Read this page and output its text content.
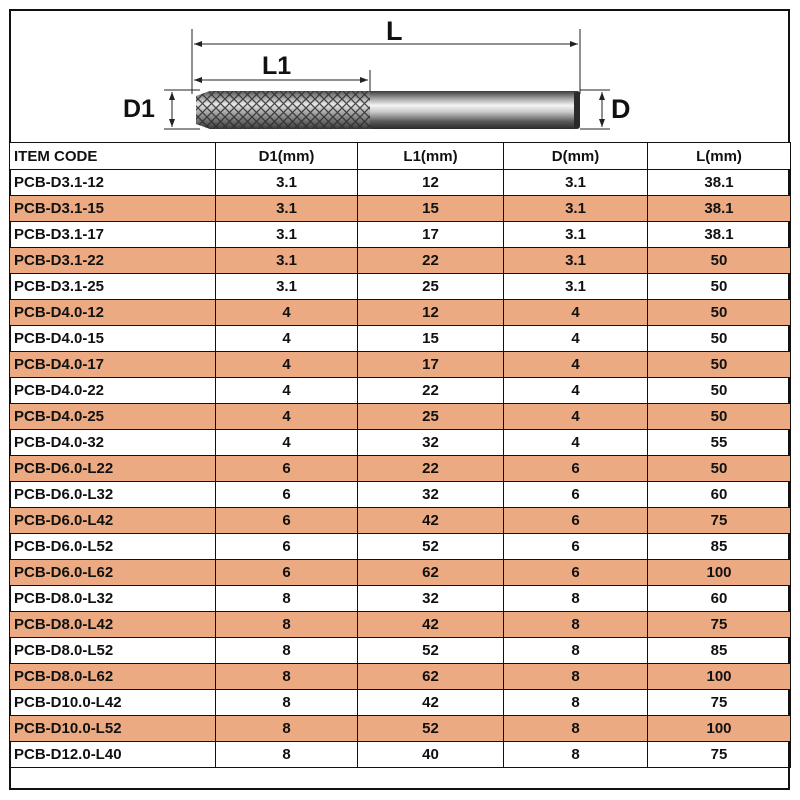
L
L1
D1	D
ITEM CODE	D1(mm)	L1(mm)	D(mm)	L(mm)
PCB-D3.1-12	3.1	12	3.1	38.1
PCB-D3.1-15	3.1	15	3.1	38.1
PCB-D3.1-17	3.1	17	3.1	38.1
PCB-D3.1-22	3.1	22	3.1	50
PCB-D3.1-25	3.1	25	3.1	50
PCB-D4.0-12	4	12	4	50
PCB-D4.0-15	4	15	4	50
PCB-D4.0-17	4	17	4	50
PCB-D4.0-22	4	22	4	50
PCB-D4.0-25	4	25	4	50
PCB-D4.0-32	4	32	4	55
PCB-D6.0-L22	6	22	6	50
PCB-D6.0-L32	6	32	6	60
PCB-D6.0-L42	6	42	6	75
PCB-D6.0-L52	6	52	6	85
PCB-D6.0-L62	6	62	6	100
PCB-D8.0-L32	8	32	8	60
PCB-D8.0-L42	8	42	8	75
PCB-D8.0-L52	8	52	8	85
PCB-D8.0-L62	8	62	8	100
PCB-D10.0-L42	8	42	8	75
PCB-D10.0-L52	8	52	8	100
PCB-D12.0-L40	8	40	8	75
